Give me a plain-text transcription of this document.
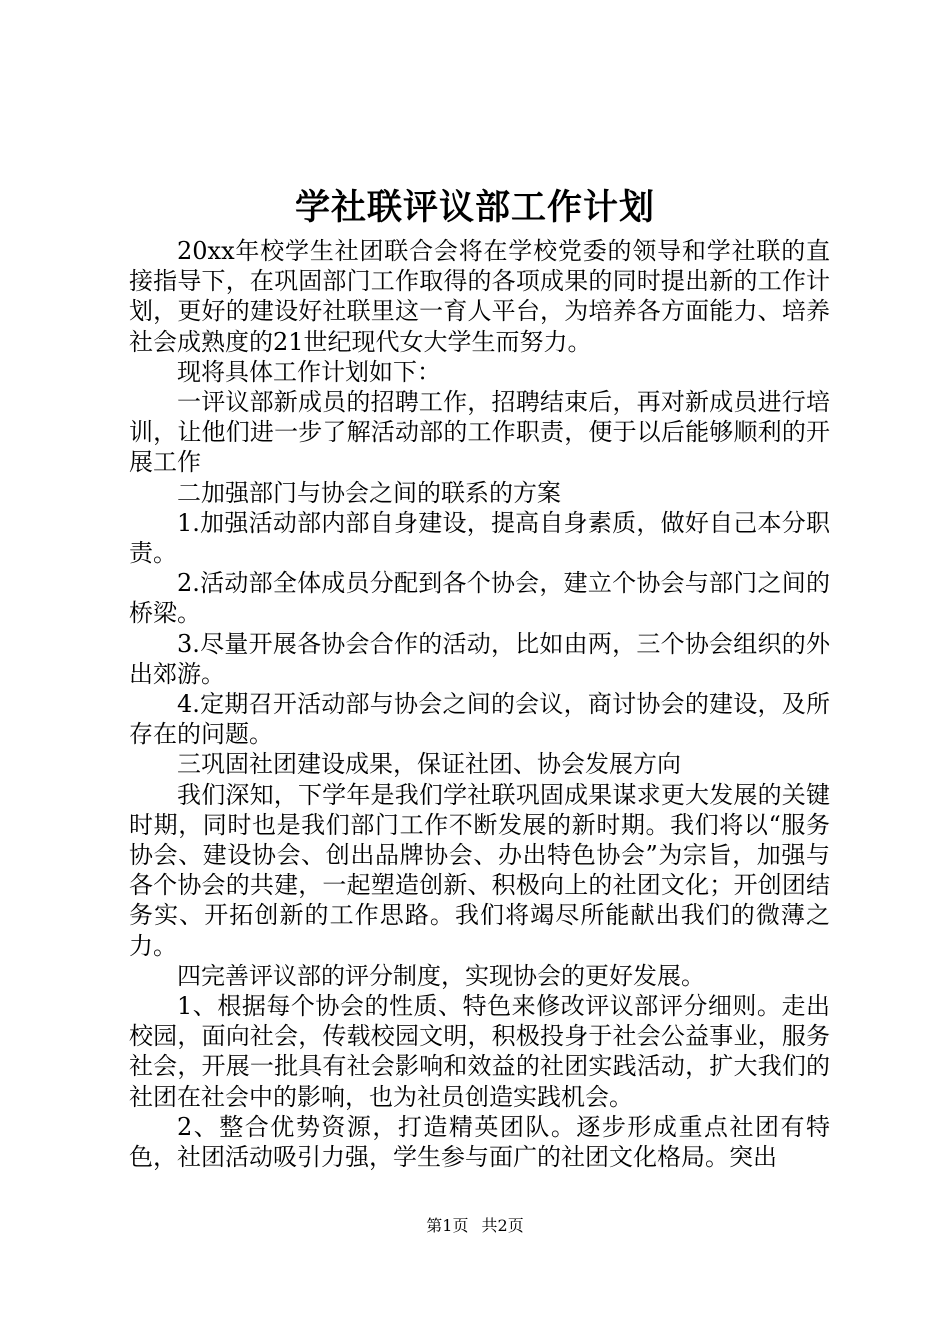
学社联评议部工作计划

20xx年校学生社团联合会将在学校党委的领导和学社联的直接指导下，在巩固部门工作取得的各项成果的同时提出新的工作计划，更好的建设好社联里这一育人平台，为培养各方面能力、培养社会成熟度的21世纪现代女大学生而努力。

现将具体工作计划如下：

一评议部新成员的招聘工作，招聘结束后，再对新成员进行培训，让他们进一步了解活动部的工作职责，便于以后能够顺利的开展工作

二加强部门与协会之间的联系的方案

1.加强活动部内部自身建设，提高自身素质，做好自己本分职责。

2.活动部全体成员分配到各个协会，建立个协会与部门之间的桥梁。

3.尽量开展各协会合作的活动，比如由两，三个协会组织的外出郊游。

4.定期召开活动部与协会之间的会议，商讨协会的建设，及所存在的问题。

三巩固社团建设成果，保证社团、协会发展方向

我们深知，下学年是我们学社联巩固成果谋求更大发展的关键时期，同时也是我们部门工作不断发展的新时期。我们将以“服务协会、建设协会、创出品牌协会、办出特色协会”为宗旨，加强与各个协会的共建，一起塑造创新、积极向上的社团文化；开创团结务实、开拓创新的工作思路。我们将竭尽所能献出我们的微薄之力。

四完善评议部的评分制度，实现协会的更好发展。

1、根据每个协会的性质、特色来修改评议部评分细则。走出校园，面向社会，传载校园文明，积极投身于社会公益事业，服务社会，开展一批具有社会影响和效益的社团实践活动，扩大我们的社团在社会中的影响，也为社员创造实践机会。

2、整合优势资源，打造精英团队。逐步形成重点社团有特色，社团活动吸引力强，学生参与面广的社团文化格局。突出

第1页 共2页
